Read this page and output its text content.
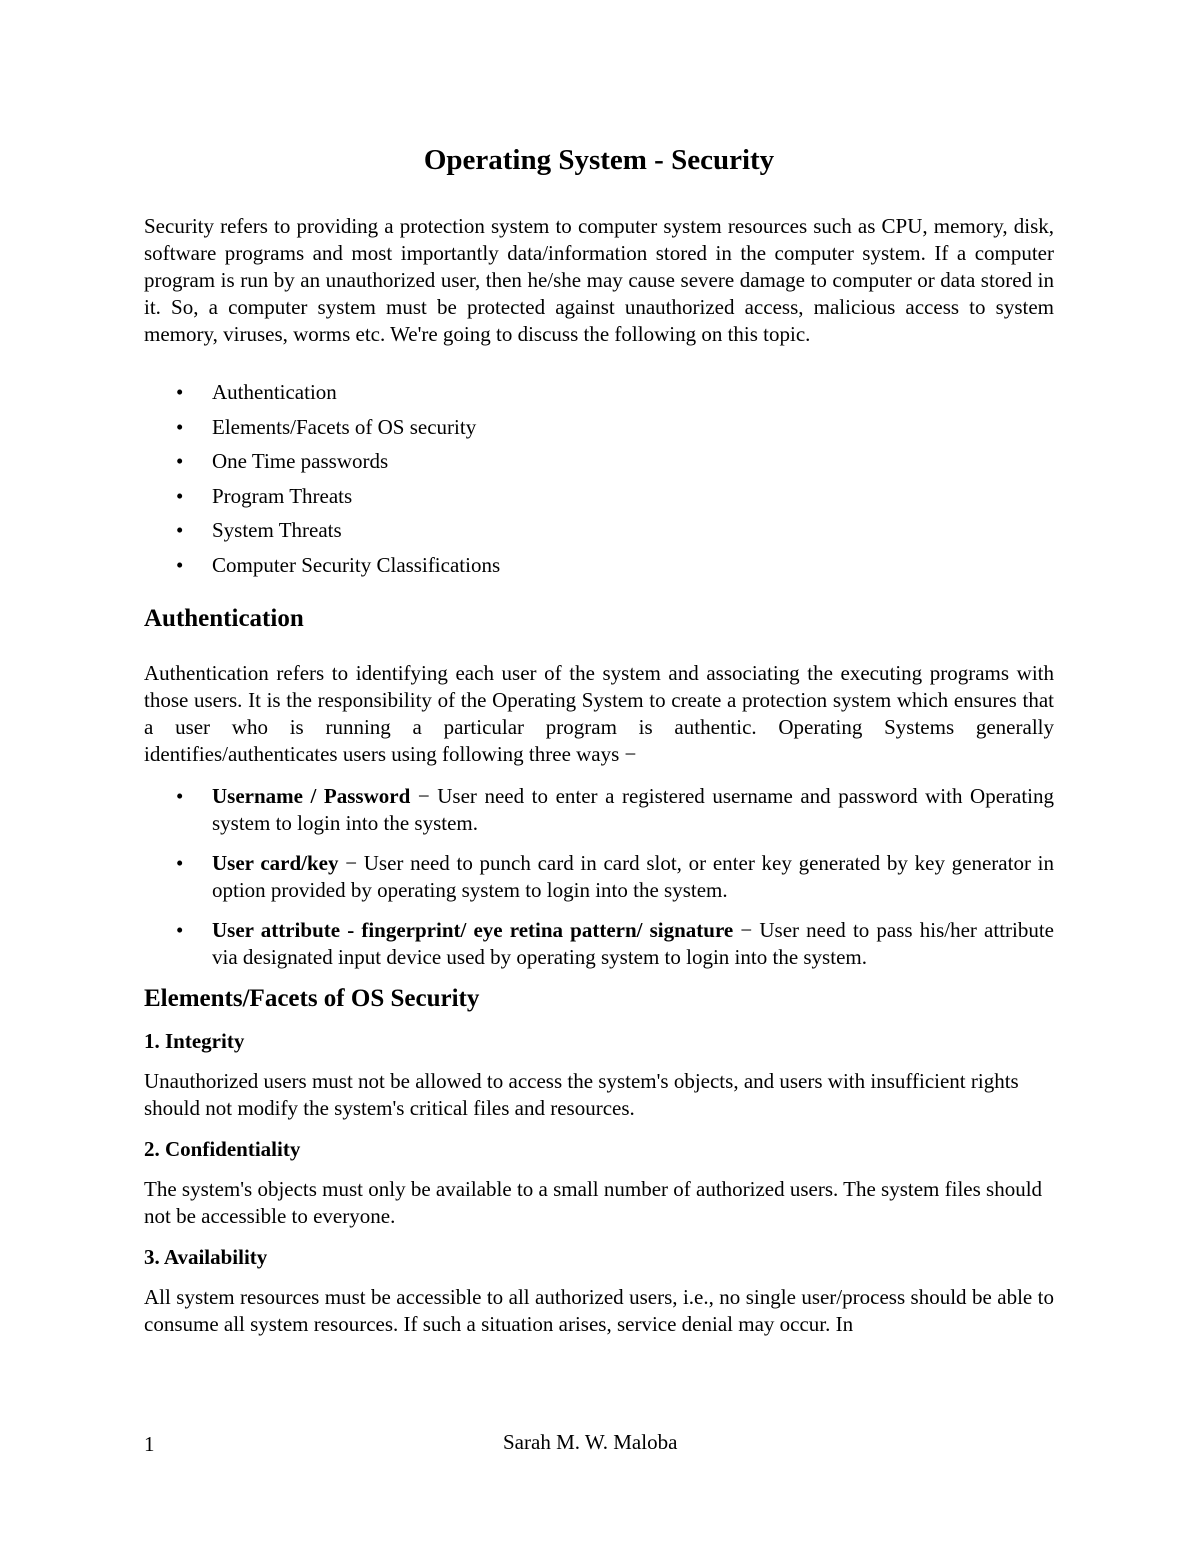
Operating System - Security

Security refers to providing a protection system to computer system resources such as CPU, memory, disk, software programs and most importantly data/information stored in the computer system. If a computer program is run by an unauthorized user, then he/she may cause severe damage to computer or data stored in it. So, a computer system must be protected against unauthorized access, malicious access to system memory, viruses, worms etc. We're going to discuss the following on this topic.

• Authentication
• Elements/Facets of OS security
• One Time passwords
• Program Threats
• System Threats
• Computer Security Classifications
Authentication

Authentication refers to identifying each user of the system and associating the executing programs with those users. It is the responsibility of the Operating System to create a protection system which ensures that a user who is running a particular program is authentic. Operating Systems generally identifies/authenticates users using following three ways −

• Username / Password − User need to enter a registered username and password with Operating system to login into the system.
• User card/key − User need to punch card in card slot, or enter key generated by key generator in option provided by operating system to login into the system.
• User attribute - fingerprint/ eye retina pattern/ signature − User need to pass his/her attribute via designated input device used by operating system to login into the system.
Elements/Facets of OS Security
1. Integrity

Unauthorized users must not be allowed to access the system's objects, and users with insufficient rights should not modify the system's critical files and resources.

2. Confidentiality

The system's objects must only be available to a small number of authorized users. The system files should not be accessible to everyone.

3. Availability

All system resources must be accessible to all authorized users, i.e., no single user/process should be able to consume all system resources. If such a situation arises, service denial may occur. In

1	Sarah M. W. Maloba
